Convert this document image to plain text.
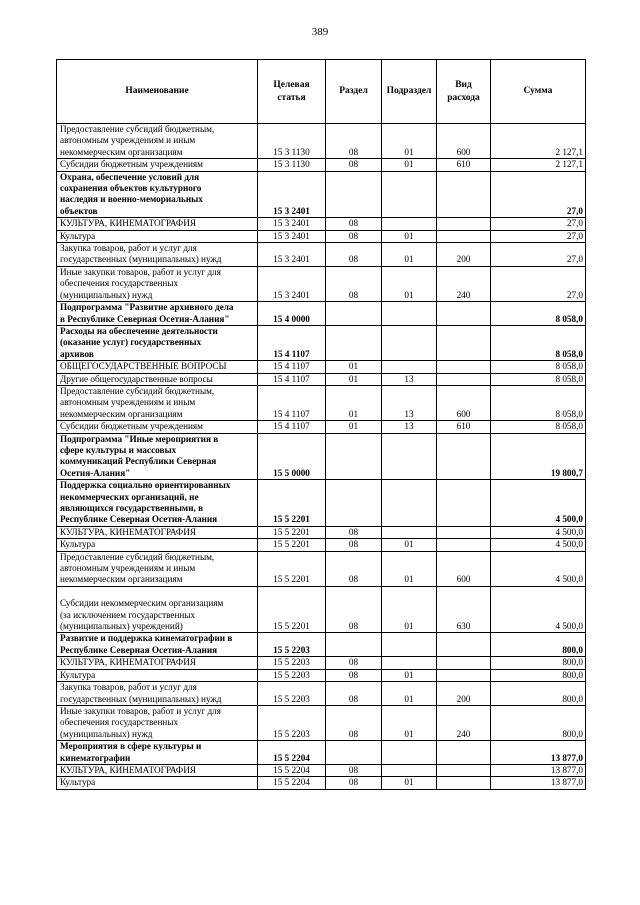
389
Наименование	Целевая статья	Раздел	Подраздел	Вид расхода	Сумма
Предоставление субсидий бюджетным,
автономным учреждениям и иным
некоммерческим организациям	15 3 1130	08	01	600	2 127,1
Субсидии бюджетным учреждениям	15 3 1130	08	01	610	2 127,1
Охрана, обеспечение условий для
сохранения объектов культурного
наследия и военно-мемориальных
объектов	15 3 2401				27,0
КУЛЬТУРА, КИНЕМАТОГРАФИЯ	15 3 2401	08			27,0
Культура	15 3 2401	08	01		27,0
Закупка товаров, работ и услуг для
государственных (муниципальных) нужд	15 3 2401	08	01	200	27,0
Иные закупки товаров, работ и услуг для
обеспечения государственных
(муниципальных) нужд	15 3 2401	08	01	240	27,0
Подпрограмма "Развитие архивного дела
в Республике Северная Осетия-Алания"	15 4 0000				8 058,0
Расходы на обеспечение деятельности
(оказание услуг) государственных
архивов	15 4 1107				8 058,0
ОБЩЕГОСУДАРСТВЕННЫЕ ВОПРОСЫ	15 4 1107	01			8 058,0
Другие общегосударственные вопросы	15 4 1107	01	13		8 058,0
Предоставление субсидий бюджетным,
автономным учреждениям и иным
некоммерческим организациям	15 4 1107	01	13	600	8 058,0
Субсидии бюджетным учреждениям	15 4 1107	01	13	610	8 058,0
Подпрограмма "Иные мероприятия в
сфере культуры и массовых
коммуникаций Республики Северная
Осетия-Алания"	15 5 0000				19 800,7
Поддержка социально ориентированных
некоммерческих организаций, не
являющихся государственными, в
Республике Северная Осетия-Алания	15 5 2201				4 500,0
КУЛЬТУРА, КИНЕМАТОГРАФИЯ	15 5 2201	08			4 500,0
Культура	15 5 2201	08	01		4 500,0
Предоставление субсидий бюджетным,
автономным учреждениям и иным
некоммерческим организациям	15 5 2201	08	01	600	4 500,0

Субсидии некоммерческим организациям
(за исключением государственных
(муниципальных) учреждений)	15 5 2201	08	01	630	4 500,0
Развитие и поддержка кинематографии в
Республике Северная Осетия-Алания	15 5 2203				800,0
КУЛЬТУРА, КИНЕМАТОГРАФИЯ	15 5 2203	08			800,0
Культура	15 5 2203	08	01		800,0
Закупка товаров, работ и услуг для
государственных (муниципальных) нужд	15 5 2203	08	01	200	800,0
Иные закупки товаров, работ и услуг для
обеспечения государственных
(муниципальных) нужд	15 5 2203	08	01	240	800,0
Мероприятия в сфере культуры и
кинематографии	15 5 2204				13 877,0
КУЛЬТУРА, КИНЕМАТОГРАФИЯ	15 5 2204	08			13 877,0
Культура	15 5 2204	08	01		13 877,0
